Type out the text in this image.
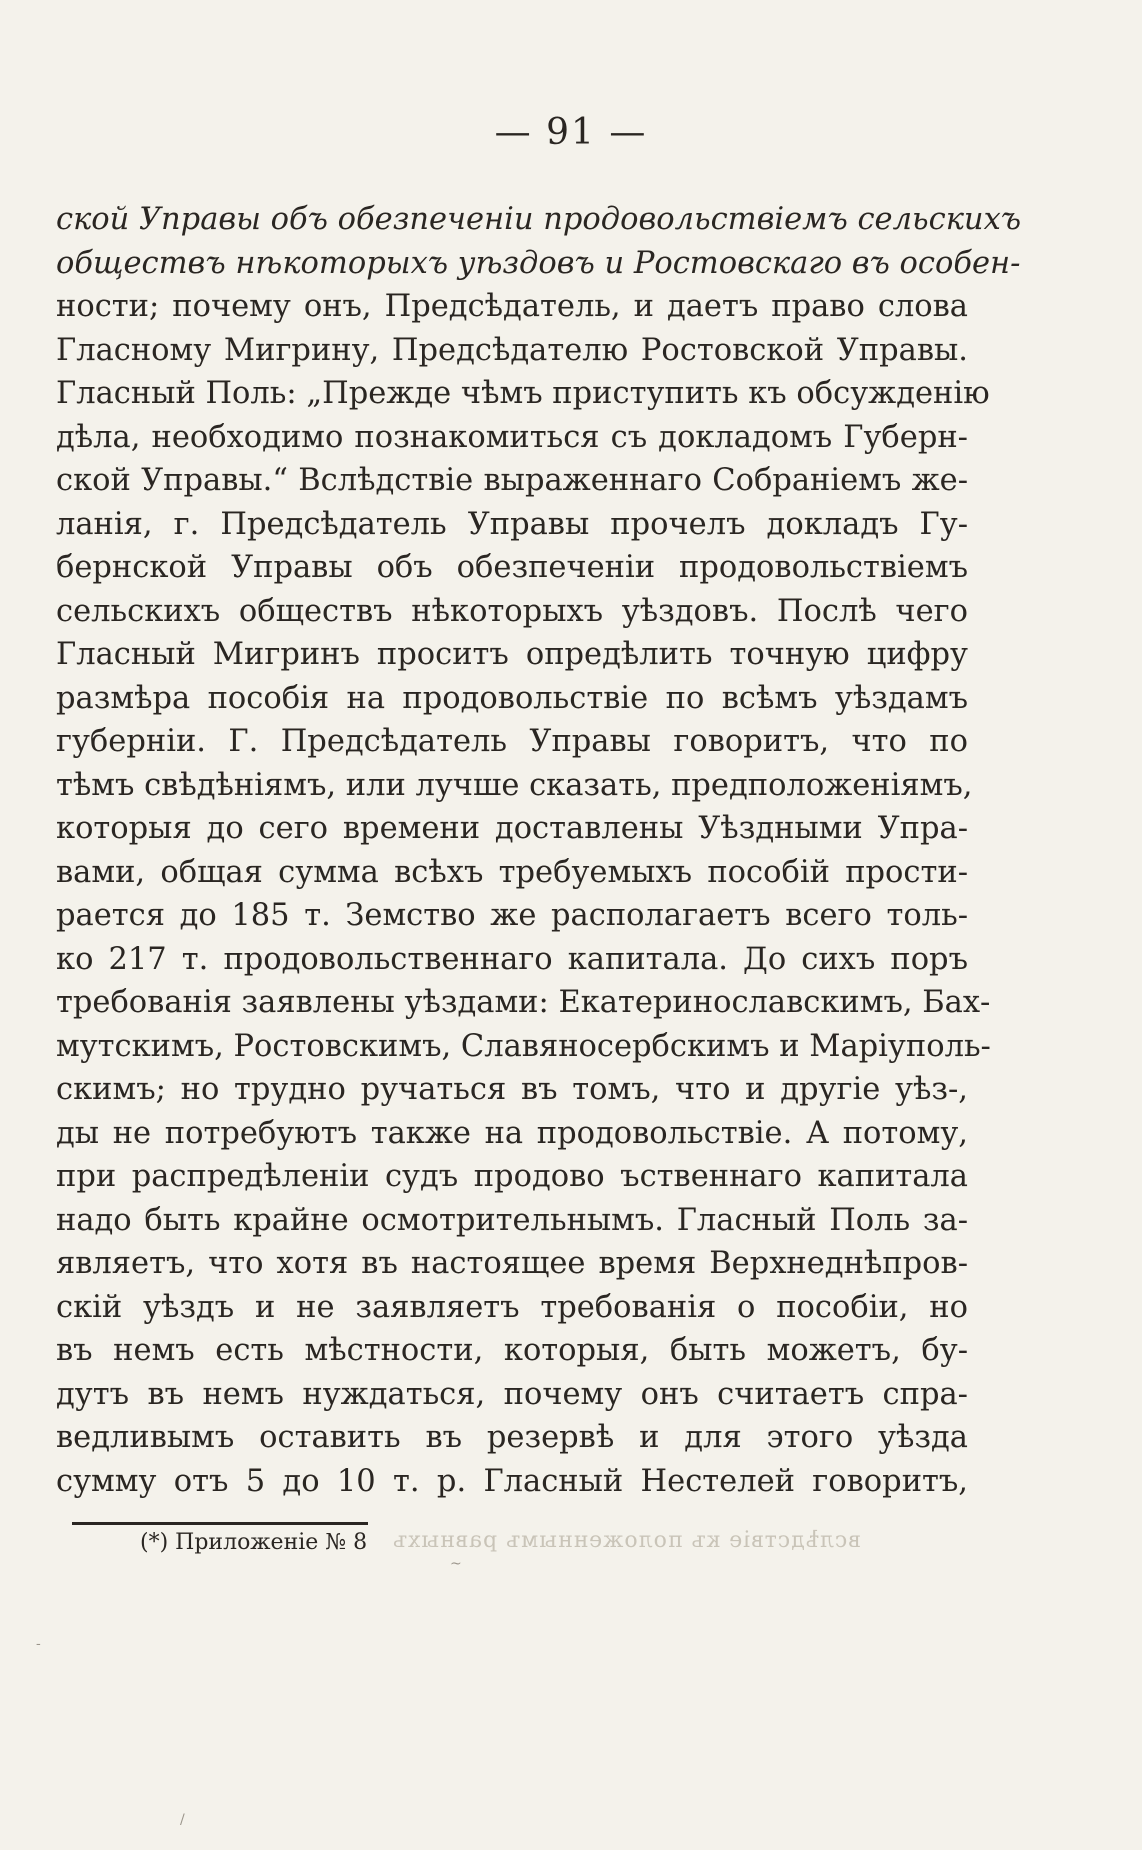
— 91 —
ской Управы объ обезпеченіи продовольствіемъ сельскихъ
обществъ нѣкоторыхъ уѣздовъ и Ростовскаго въ особен-
ности; почему онъ, Предсѣдатель, и даетъ право слова
Гласному Мигрину, Предсѣдателю Ростовской Управы.
Гласный Поль: „Прежде чѣмъ приступить къ обсужденію
дѣла, необходимо познакомиться съ докладомъ Губерн-
ской Управы.“ Вслѣдствіе выраженнаго Собраніемъ же-
ланія, г. Предсѣдатель Управы прочелъ докладъ Гу-
бернской Управы объ обезпеченіи продовольствіемъ
сельскихъ обществъ нѣкоторыхъ уѣздовъ. Послѣ чего
Гласный Мигринъ проситъ опредѣлить точную цифру
размѣра пособія на продовольствіе по всѣмъ уѣздамъ
губерніи. Г. Предсѣдатель Управы говоритъ, что по
тѣмъ свѣдѣніямъ, или лучше сказать, предположеніямъ,
которыя до сего времени доставлены Уѣздными Упра-
вами, общая сумма всѣхъ требуемыхъ пособій прости-
рается до 185 т. Земство же располагаетъ всего толь-
ко 217 т. продовольственнаго капитала. До сихъ поръ
требованія заявлены уѣздами: Екатеринославскимъ, Бах-
мутскимъ, Ростовскимъ, Славяносербскимъ и Маріуполь-
скимъ; но трудно ручаться въ томъ, что и другіе уѣз-,
ды не потребуютъ также на продовольствіе. А потому,
при распредѣленіи судъ продово ъственнаго капитала
надо быть крайне осмотрительнымъ. Гласный Поль за-
являетъ, что хотя въ настоящее время Верхнеднѣпров-
скій уѣздъ и не заявляетъ требованія о пособіи, но
въ немъ есть мѣстности, которыя, быть можетъ, бу-
дутъ въ немъ нуждаться, почему онъ считаетъ спра-
ведливымъ оставить въ резервѣ и для этого уѣзда
сумму отъ 5 до 10 т. р. Гласный Нестелей говоритъ,
(*) Приложеніе № 8 вслѣдствіе къ положеннымъ равныхъ
~
-
/
